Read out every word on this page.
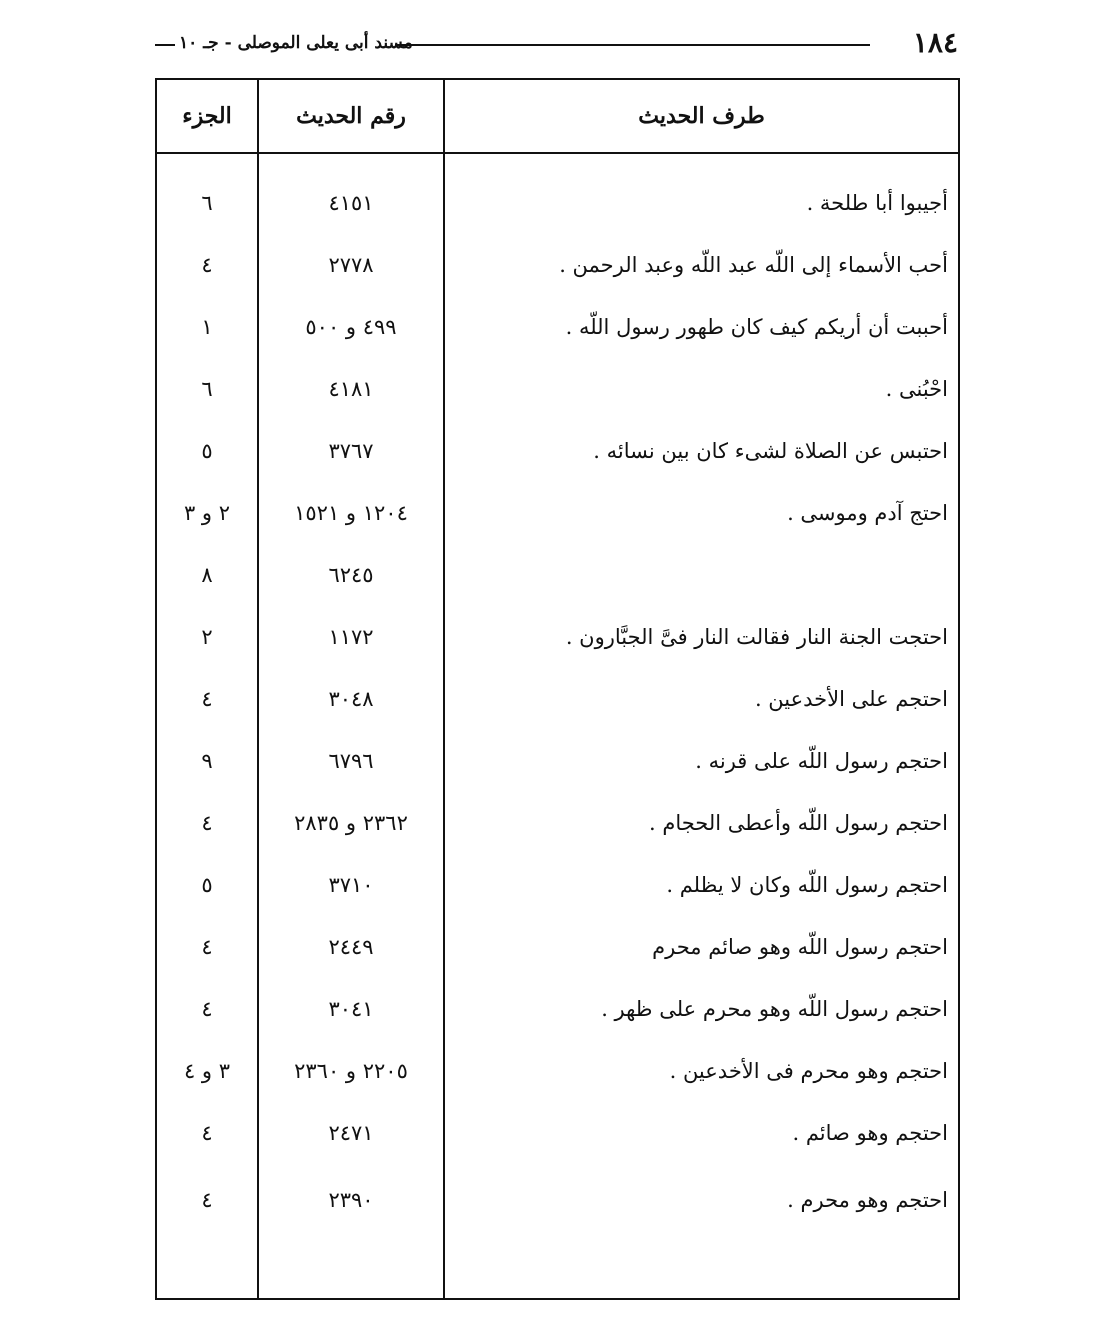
١٨٤
مسند أبى يعلى الموصلى - جـ ١٠
طرف الحديث	رقم الحديث	الجزء
أجيبوا أبا طلحة .	٤١٥١	٦
أحب الأسماء إلى اللّه عبد اللّه وعبد الرحمن .	٢٧٧٨	٤
أحببت أن أريكم كيف كان طهور رسول اللّه .	٤٩٩ و ٥٠٠	١
احْبُنى .	٤١٨١	٦
احتبس عن الصلاة لشىء كان بين نسائه .	٣٧٦٧	٥
احتج آدم وموسى .	١٢٠٤ و ١٥٢١	٢ و ٣
	٦٢٤٥	٨
احتجت الجنة النار فقالت النار فىَّ الجبَّارون .	١١٧٢	٢
احتجم على الأخدعين .	٣٠٤٨	٤
احتجم رسول اللّه على قرنه .	٦٧٩٦	٩
احتجم رسول اللّه وأعطى الحجام .	٢٣٦٢ و ٢٨٣٥	٤
احتجم رسول اللّه وكان لا يظلم .	٣٧١٠	٥
احتجم رسول اللّه وهو صائم محرم	٢٤٤٩	٤
احتجم رسول اللّه وهو محرم على ظهر .	٣٠٤١	٤
احتجم وهو محرم فى الأخدعين .	٢٢٠٥ و ٢٣٦٠	٣ و ٤
احتجم وهو صائم .	٢٤٧١	٤
احتجم وهو محرم .	٢٣٩٠	٤
